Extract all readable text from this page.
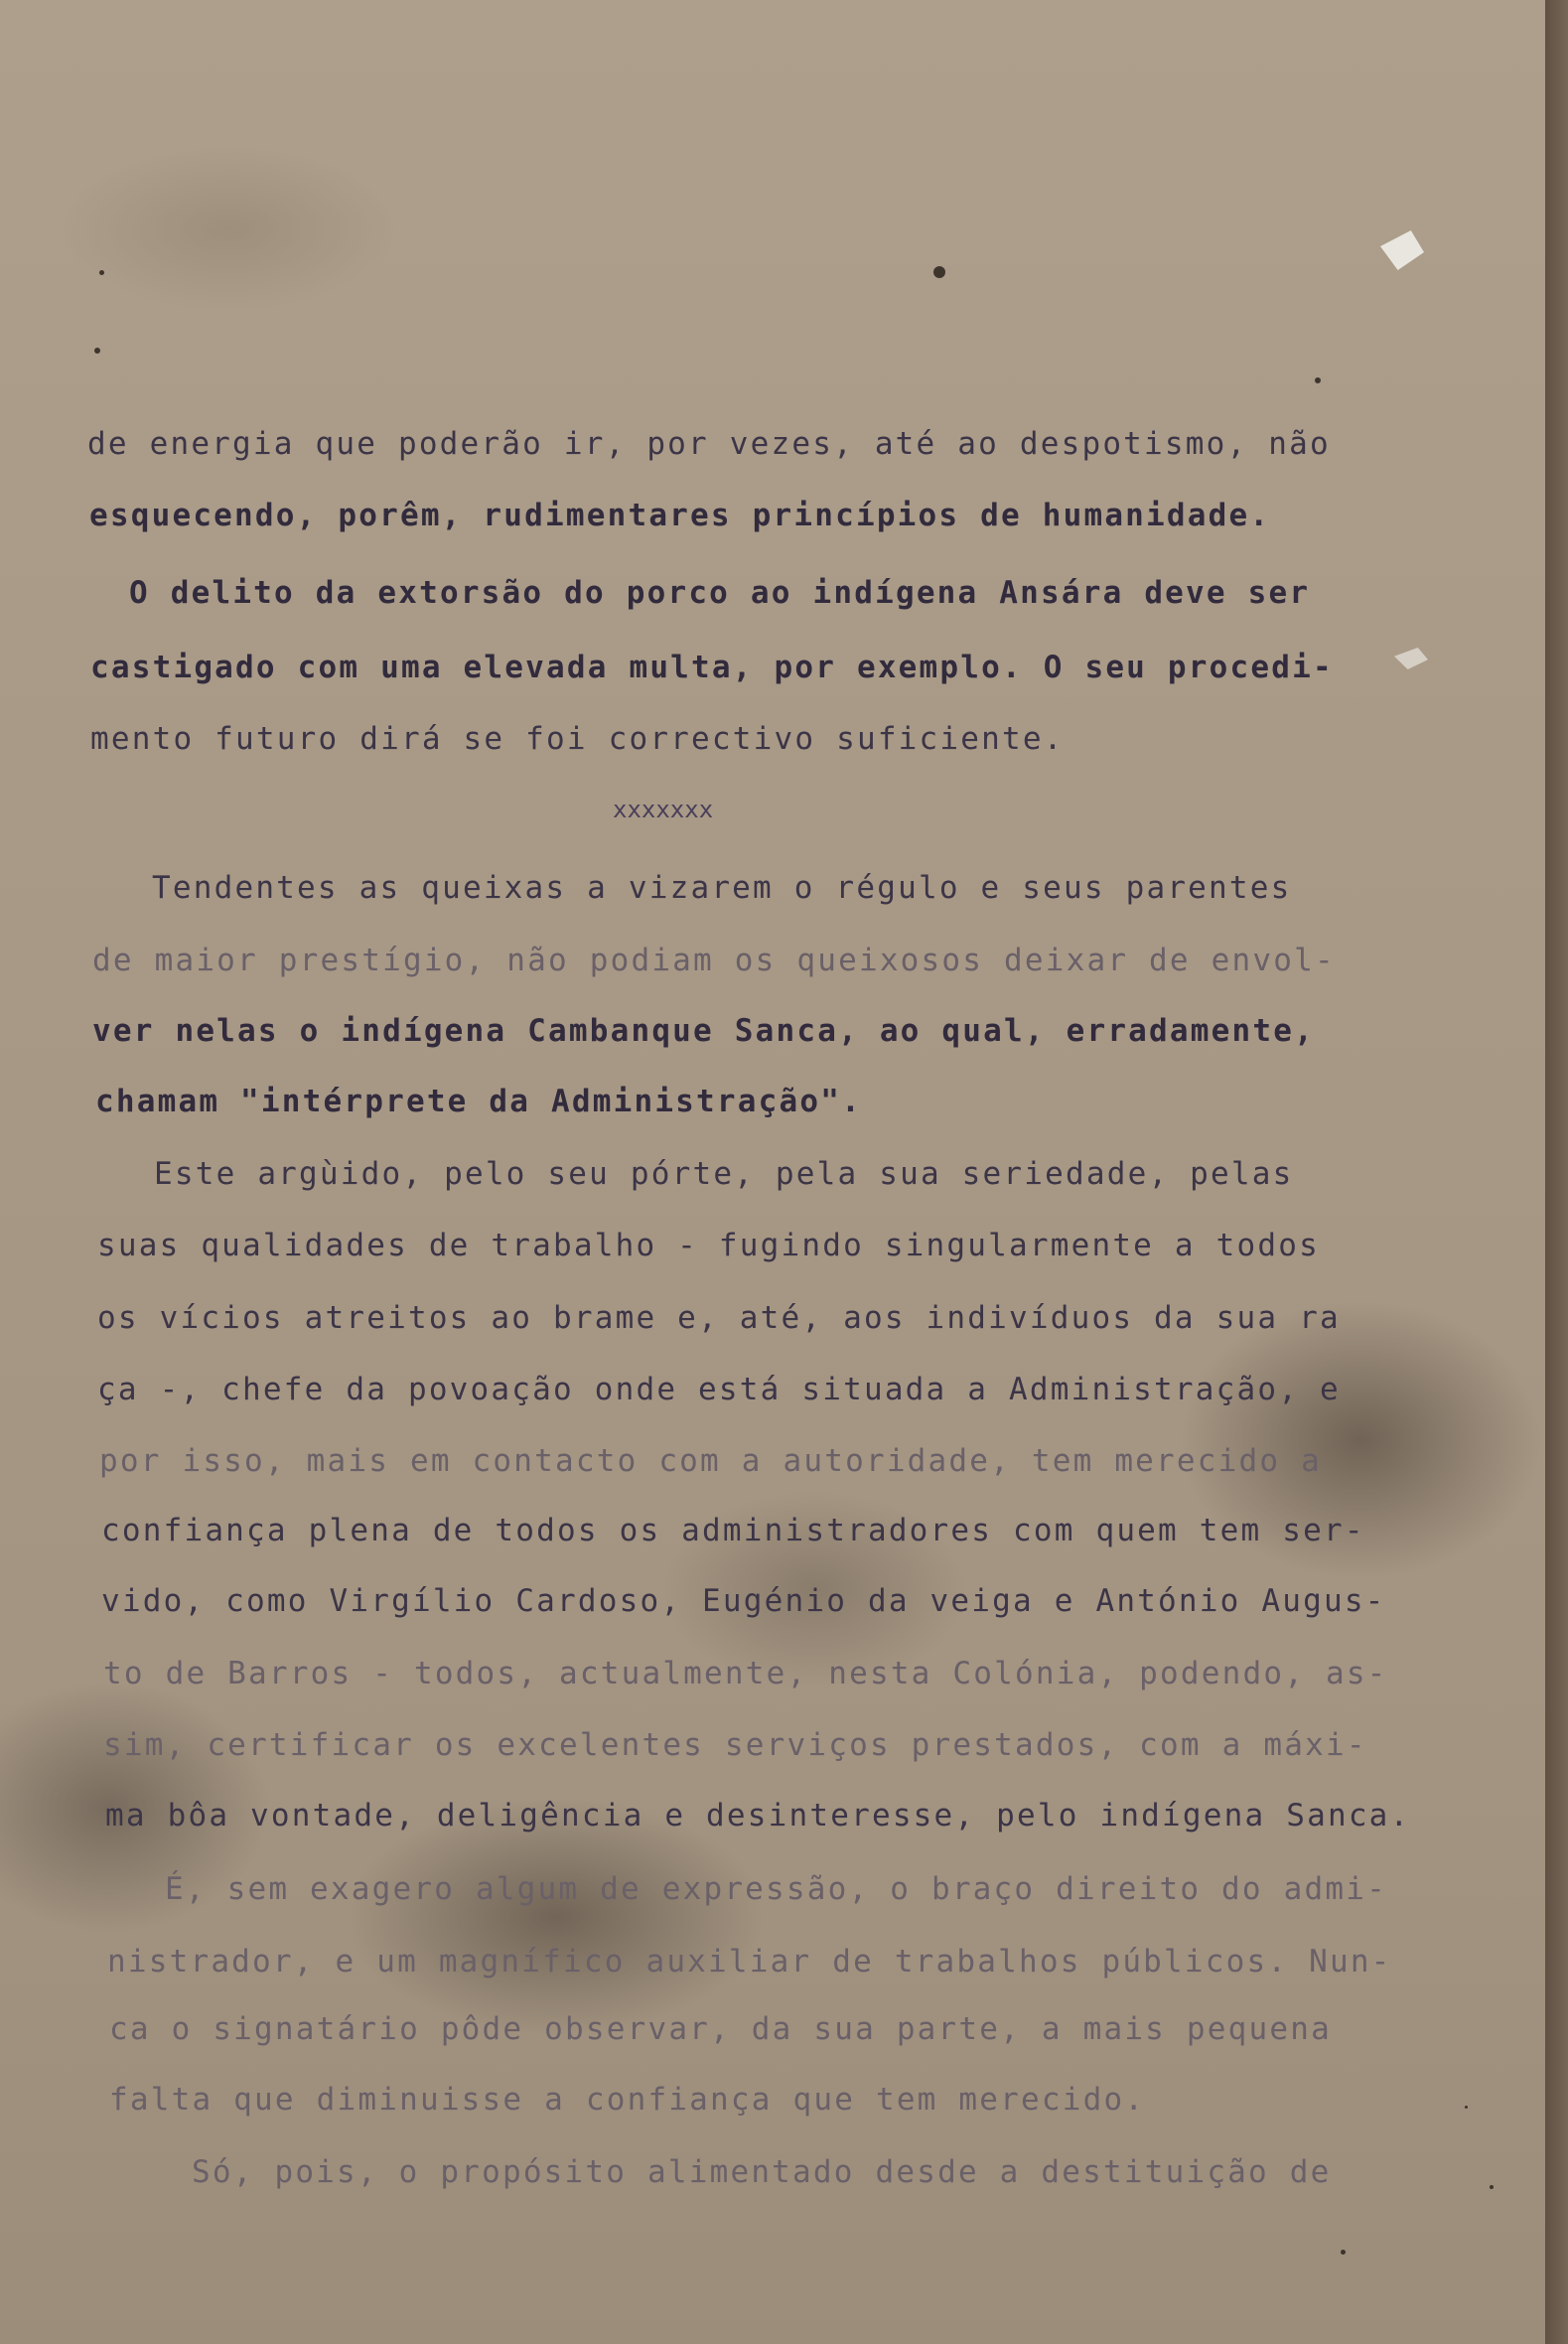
de energia que poderão ir, por vezes, até ao despotismo, não
esquecendo, porêm, rudimentares princípios de humanidade.
O delito da extorsão do porco ao indígena Ansára deve ser
castigado com uma elevada multa, por exemplo. O seu procedi-
mento futuro dirá se foi correctivo suficiente.
xxxxxxx
Tendentes as queixas a vizarem o régulo e seus parentes
de maior prestígio, não podiam os queixosos deixar de envol-
ver nelas o indígena Cambanque Sanca, ao qual, erradamente,
chamam "intérprete da Administração".
Este argùido, pelo seu pórte, pela sua seriedade, pelas
suas qualidades de trabalho - fugindo singularmente a todos
os vícios atreitos ao brame e, até, aos indivíduos da sua ra
ça -, chefe da povoação onde está situada a Administração, e
por isso, mais em contacto com a autoridade, tem merecido a
confiança plena de todos os administradores com quem tem ser-
vido, como Virgílio Cardoso, Eugénio da veiga e António Augus-
to de Barros - todos, actualmente, nesta Colónia, podendo, as-
sim, certificar os excelentes serviços prestados, com a máxi-
ma bôa vontade, deligência e desinteresse, pelo indígena Sanca.
É, sem exagero algum de expressão, o braço direito do admi-
nistrador, e um magnífico auxiliar de trabalhos públicos. Nun-
ca o signatário pôde observar, da sua parte, a mais pequena
falta que diminuisse a confiança que tem merecido.
Só, pois, o propósito alimentado desde a destituição de
